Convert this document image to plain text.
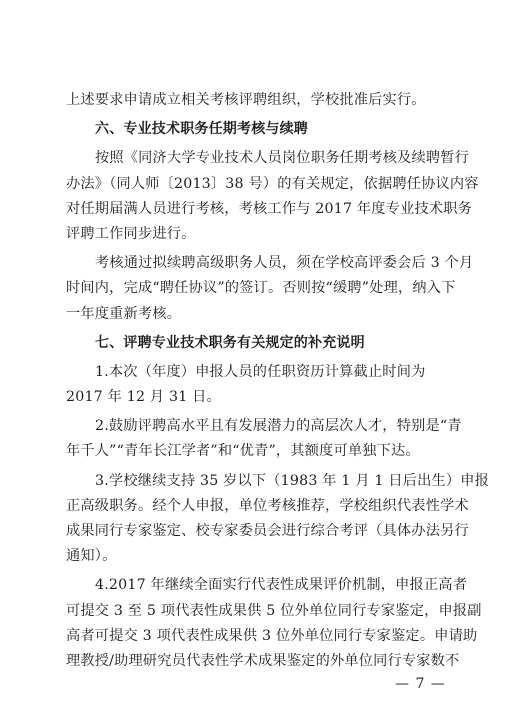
上述要求申请成立相关考核评聘组织，学校批准后实行。
六、专业技术职务任期考核与续聘
按照《同济大学专业技术人员岗位职务任期考核及续聘暂行
办法》（同人师〔2013〕38 号）的有关规定，依据聘任协议内容
对任期届满人员进行考核，考核工作与 2017 年度专业技术职务
评聘工作同步进行。
考核通过拟续聘高级职务人员，须在学校高评委会后 3 个月
时间内，完成“聘任协议”的签订。否则按“缓聘”处理，纳入下
一年度重新考核。
七、评聘专业技术职务有关规定的补充说明
1.本次（年度）申报人员的任职资历计算截止时间为
2017 年 12 月 31 日。
2.鼓励评聘高水平且有发展潜力的高层次人才，特别是“青
年千人”“青年长江学者”和“优青”，其额度可单独下达。
3.学校继续支持 35 岁以下（1983 年 1 月 1 日后出生）申报
正高级职务。经个人申报，单位考核推荐，学校组织代表性学术
成果同行专家鉴定、校专家委员会进行综合考评（具体办法另行
通知）。
4.2017 年继续全面实行代表性成果评价机制，申报正高者
可提交 3 至 5 项代表性成果供 5 位外单位同行专家鉴定，申报副
高者可提交 3 项代表性成果供 3 位外单位同行专家鉴定。申请助
理教授/助理研究员代表性学术成果鉴定的外单位同行专家数不
— 7 —
